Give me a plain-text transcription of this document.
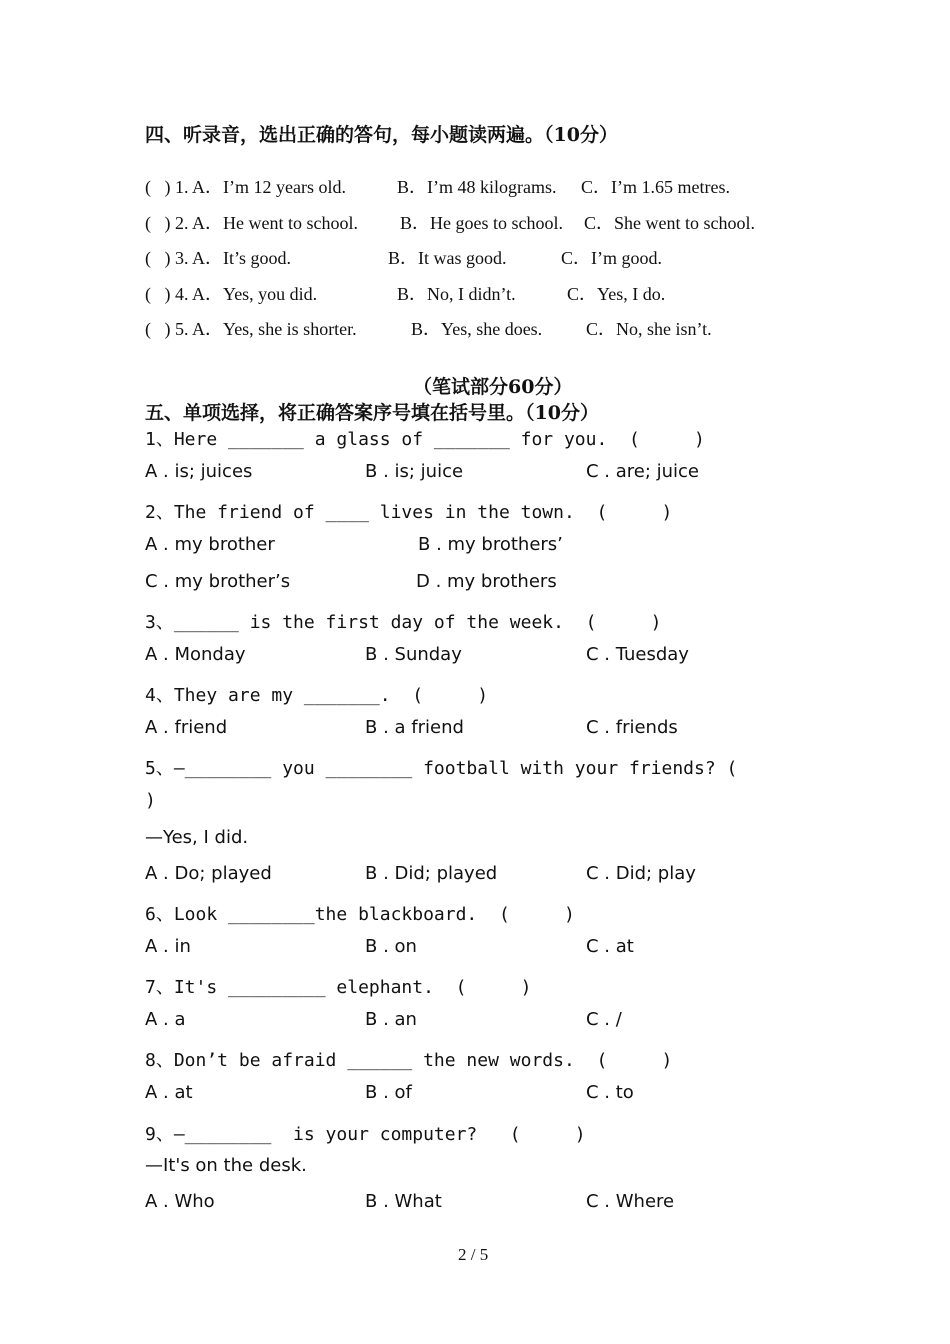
四、听录音，选出正确的答句，每小题读两遍。（10分）
(   ) 1. A．I’m 12 years old.	B．I’m 48 kilograms. C．I’m 1.65 metres.
(   ) 2. A．He went to school. B．He goes to school. C．She went to school.
(   ) 3. A．It’s good.	B．It was good.	C．I’m good.
(   ) 4. A．Yes, you did.	B．No, I didn’t.	C．Yes, I do.
(   ) 5. A．Yes, she is shorter.	B．Yes, she does. C．No, she isn’t.
（笔试部分60分）
五、单项选择，将正确答案序号填在括号里。（10分）
1、Here _______ a glass of _______ for you.  (     )
A . is; juices	B . is; juice	C . are; juice
2、The friend of ____ lives in the town.  (     )
A . my brother	B . my brothers’
C . my brother’s	D . my brothers
3、______ is the first day of the week.  (     )
A . Monday	B . Sunday	C . Tuesday
4、They are my _______.  (     )
A . friend	B . a friend	C . friends
5、—________ you ________ football with your friends? (
)
—Yes, I did.
A . Do; played	B . Did; played	C . Did; play
6、Look ________the blackboard.  (     )
A . in	B . on	C . at
7、It's _________ elephant.  (     )
A . a	B . an	C . /
8、Don’t be afraid ______ the new words.  (     )
A . at	B . of	C . to
9、—________  is your computer?   (     )
—It's on the desk.
A . Who	B . What	C . Where
2 / 5
